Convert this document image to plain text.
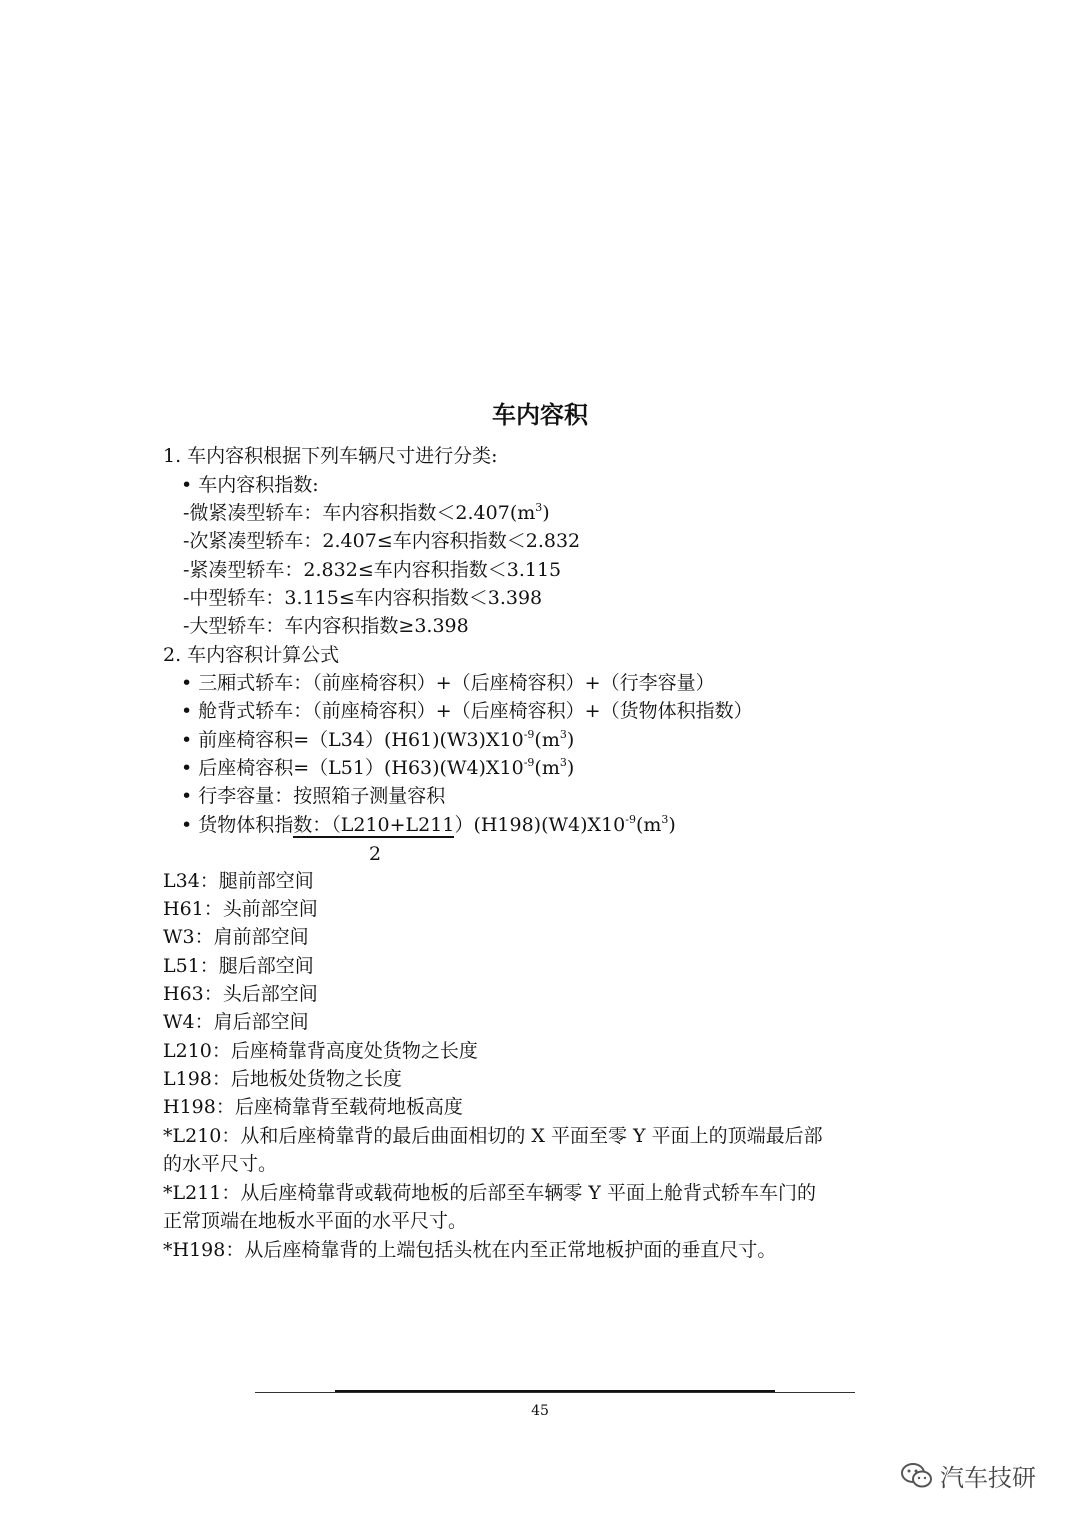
车内容积
1. 车内容积根据下列车辆尺寸进行分类:
• 车内容积指数:
-微紧凑型轿车：车内容积指数$<2.407(m^3)$
-次紧凑型轿车：2.407≤车内容积指数＜2.832
-紧凑型轿车：2.832≤车内容积指数＜3.115
-中型轿车：3.115≤车内容积指数＜3.398
-大型轿车：车内容积指数≥3.398
2. 车内容积计算公式
• 三厢式轿车：（前座椅容积）+（后座椅容积）+（行李容量）
• 舱背式轿车：（前座椅容积）+（后座椅容积）+（货物体积指数）
• 前座椅容积$=(L34)(H61)(W3)X10^{-9}(m^3)$
• 后座椅容积$=(L51)(H63)(W4)X10^{-9}(m^3)$
• 行李容量：按照箱子测量容积
• 货物体积指数：$(L210+L211)(H198)(W4)X10^{-9}(m^3)$
2
L34：腿前部空间
H61：头前部空间
W3：肩前部空间
L51：腿后部空间
H63：头后部空间
W4：肩后部空间
L210：后座椅靠背高度处货物之长度
L198：后地板处货物之长度
H198：后座椅靠背至载荷地板高度
*L210：从和后座椅靠背的最后曲面相切的 X 平面至零 Y 平面上的顶端最后部
的水平尺寸。
*L211：从后座椅靠背或载荷地板的后部至车辆零 Y 平面上舱背式轿车车门的
正常顶端在地板水平面的水平尺寸。
*H198：从后座椅靠背的上端包括头枕在内至正常地板护面的垂直尺寸。
45
汽车技研
